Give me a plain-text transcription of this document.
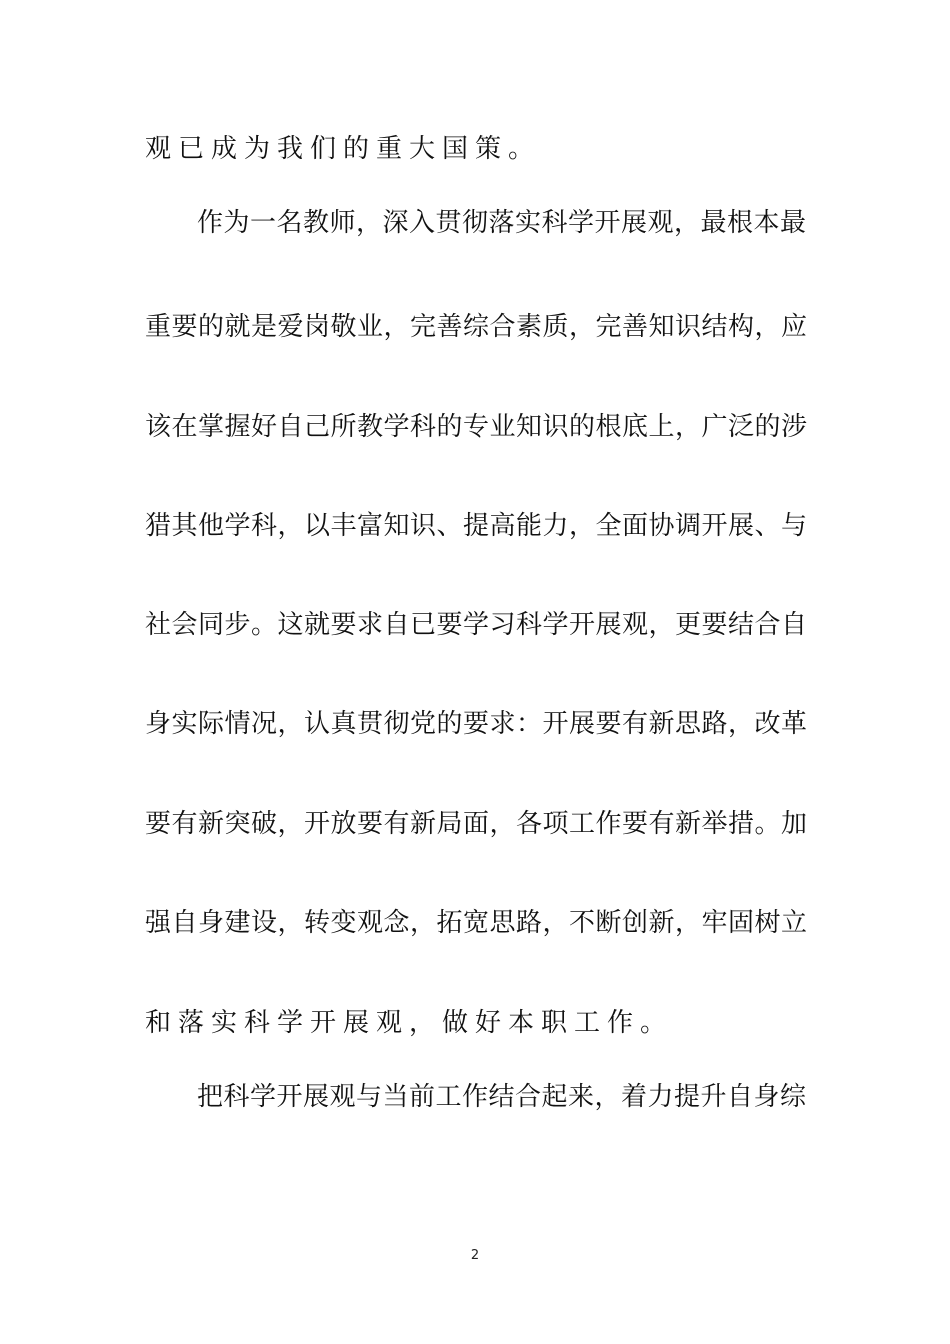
观已成为我们的重大国策。
作为一名教师，深入贯彻落实科学开展观，最根本最
重要的就是爱岗敬业，完善综合素质，完善知识结构，应
该在掌握好自己所教学科的专业知识的根底上，广泛的涉
猎其他学科，以丰富知识、提高能力，全面协调开展、与
社会同步。这就要求自已要学习科学开展观，更要结合自
身实际情况，认真贯彻党的要求：开展要有新思路，改革
要有新突破，开放要有新局面，各项工作要有新举措。加
强自身建设，转变观念，拓宽思路，不断创新，牢固树立
和落实科学开展观，做好本职工作。
把科学开展观与当前工作结合起来，着力提升自身综
2
